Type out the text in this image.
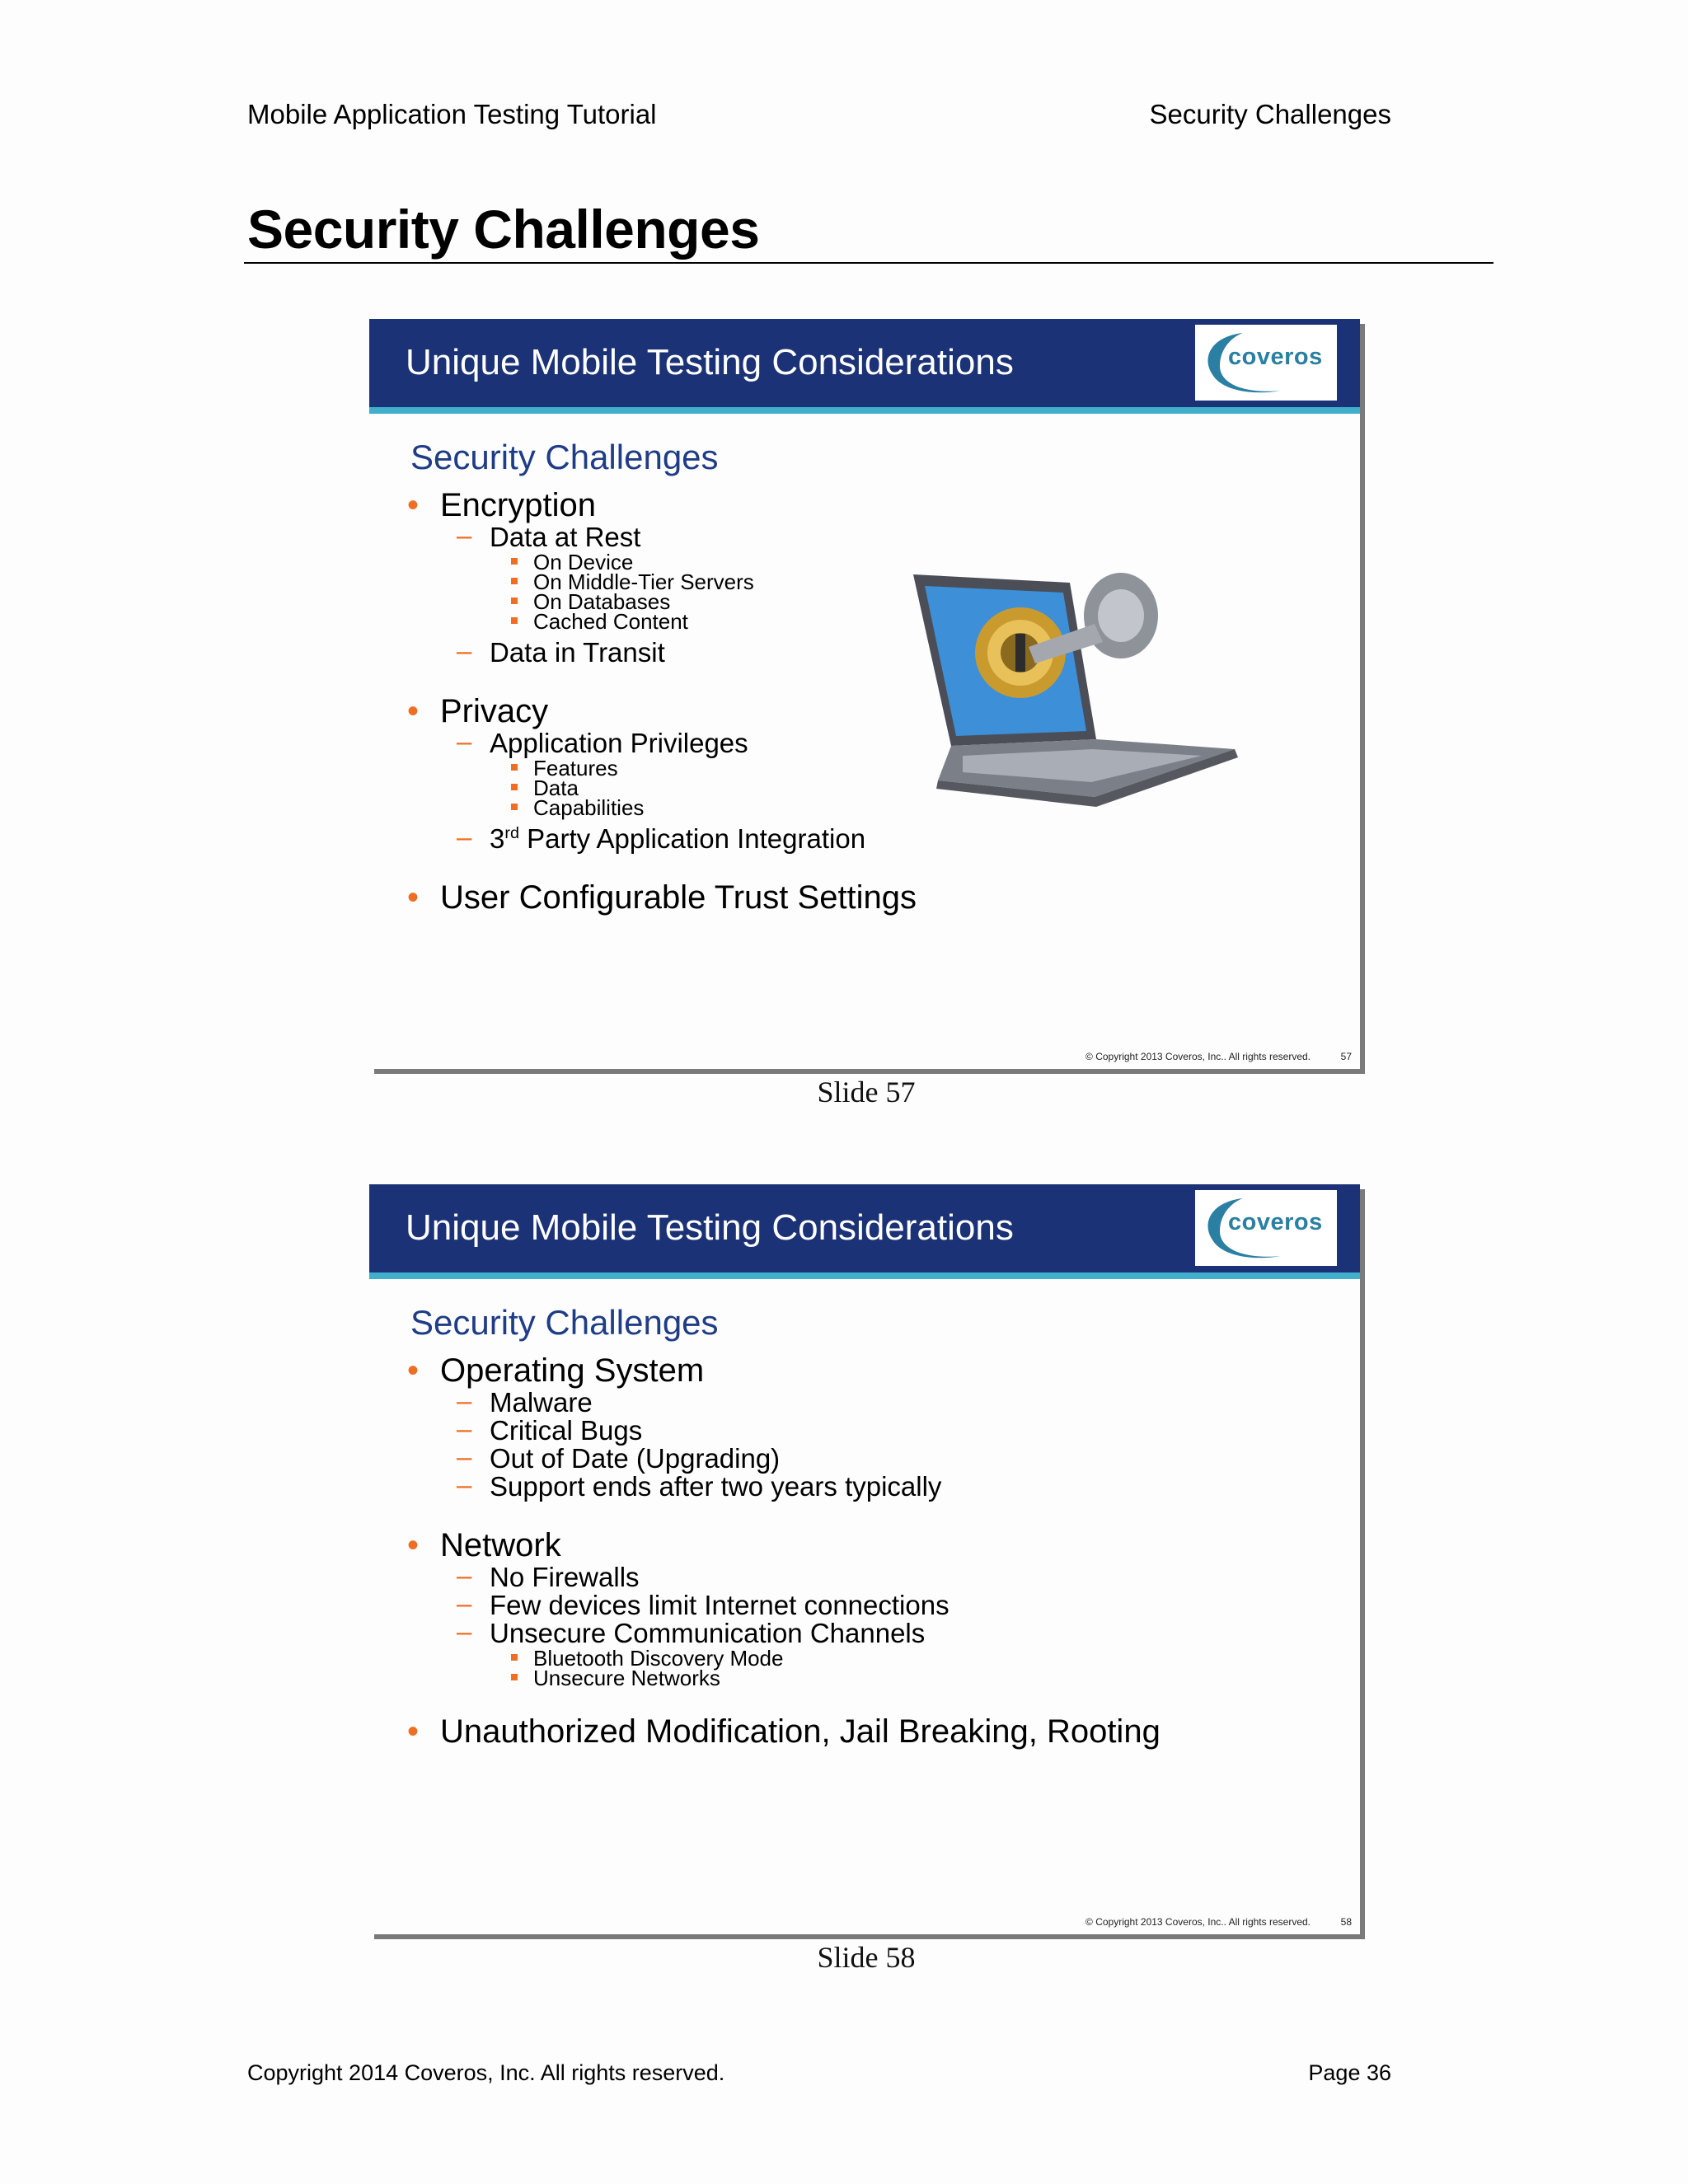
Mobile Application Testing Tutorial	Security Challenges
Security Challenges
Unique Mobile Testing Considerations	coveros
Security Challenges
• Encryption
– Data at Rest
On Device
On Middle-Tier Servers
On Databases
Cached Content
– Data in Transit
• Privacy
– Application Privileges
Features
Data
Capabilities
– 3rd Party Application Integration
• User Configurable Trust Settings
© Copyright 2013 Coveros, Inc.. All rights reserved.	57
Slide 57
Unique Mobile Testing Considerations	coveros
Security Challenges
• Operating System
– Malware
– Critical Bugs
– Out of Date (Upgrading)
– Support ends after two years typically
• Network
– No Firewalls
– Few devices limit Internet connections
– Unsecure Communication Channels
Bluetooth Discovery Mode
Unsecure Networks
• Unauthorized Modification, Jail Breaking, Rooting
© Copyright 2013 Coveros, Inc.. All rights reserved.	58
Slide 58
Copyright 2014 Coveros, Inc. All rights reserved.	Page 36
